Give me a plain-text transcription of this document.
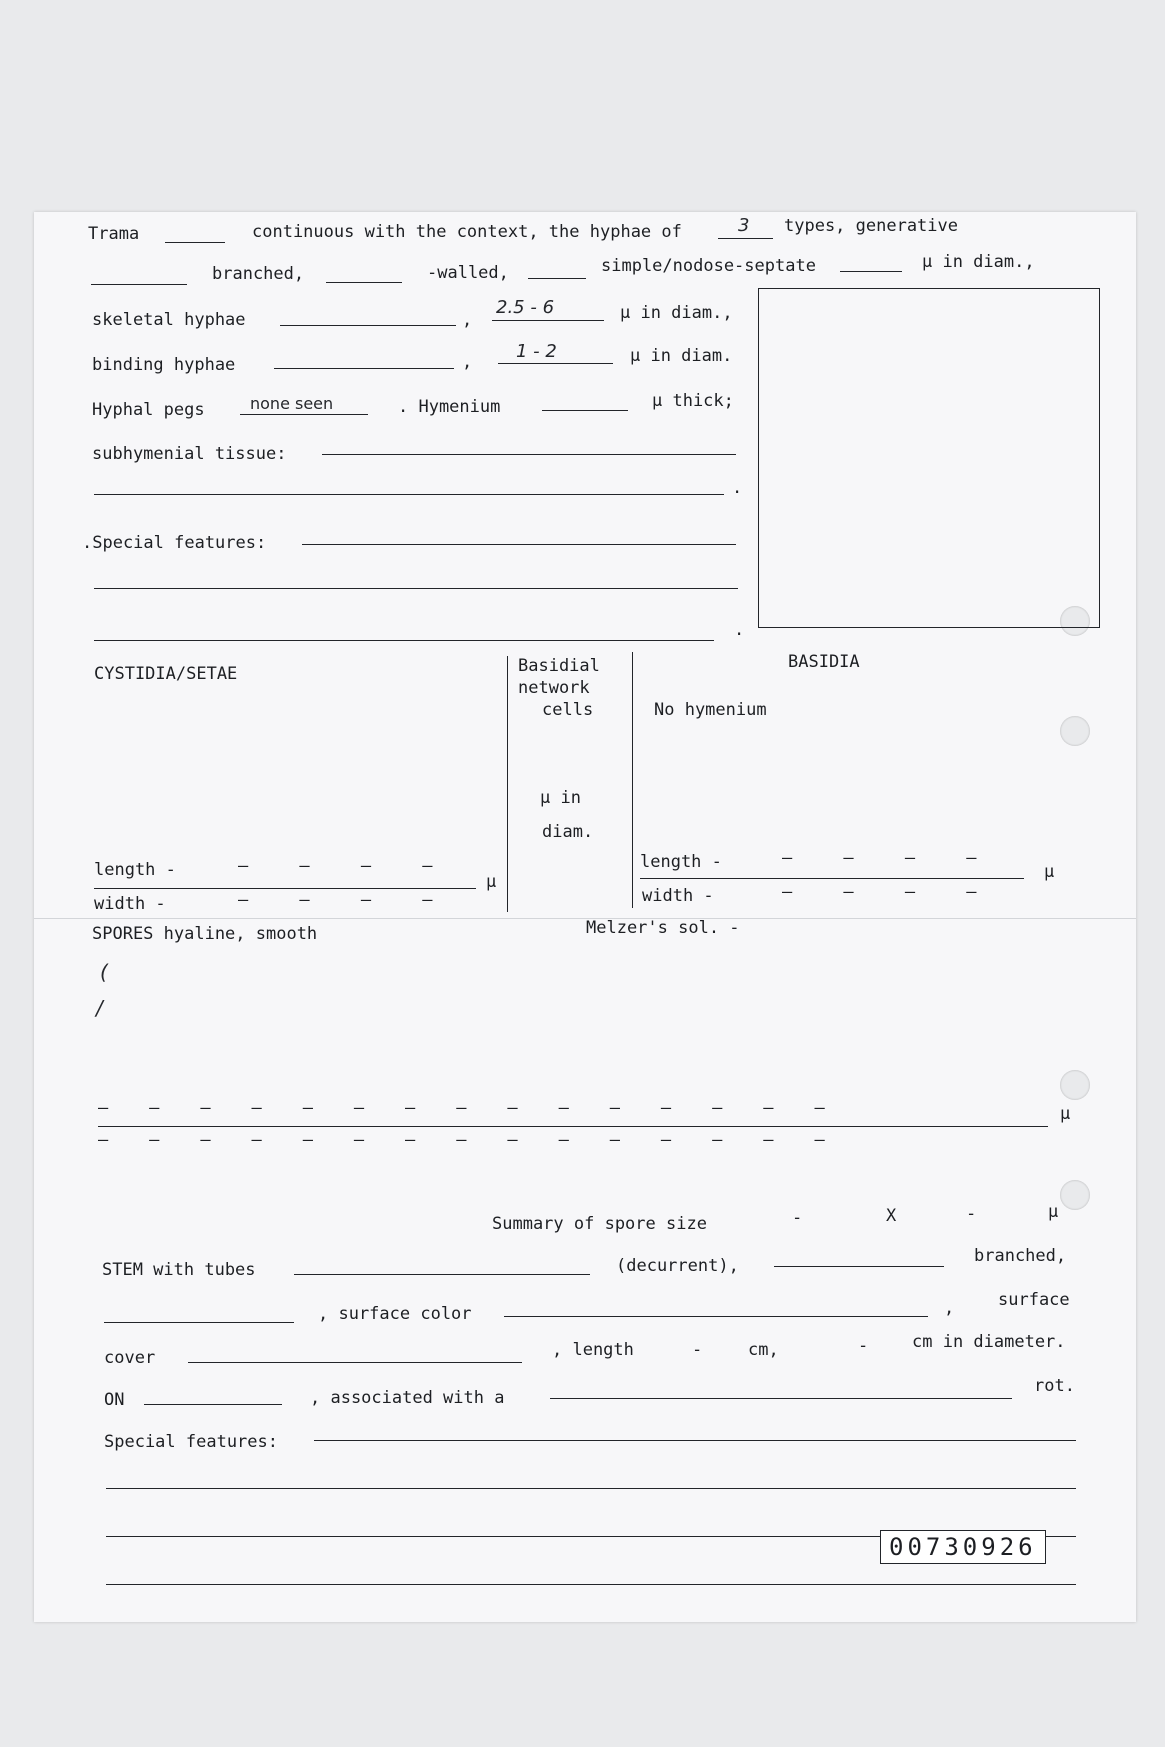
Trama	continuous with the context, the hyphae of	3 types, generative
branched,	-walled,	simple/nodose-septate	µ in diam.,
skeletal hyphae	,
2.5 - 6	µ in diam.,
binding hyphae	, 1 - 2	µ in diam.
Hyphal pegs	none seen	. Hymenium	µ thick;
subhymenial tissue:
.
.Special features:
.
CYSTIDIA/SETAE	Basidial
network
cells
µ in
diam.
BASIDIA
No hymenium
length -	–     –     –     –
µ
width -	–     –     –     –
length -	–     –     –     –
µ
width -	–     –     –     –
SPORES hyaline, smooth	Melzer's sol. -
(
/
–    –    –    –    –    –    –    –    –    –    –    –    –    –    –	µ
–    –    –    –    –    –    –    –    –    –    –    –    –    –    –
Summary of spore size	-	X	-	µ
STEM with tubes	(decurrent),	branched,
, surface color	,	surface
cover	, length	-	cm,	-	cm in diameter.
ON	, associated with a
rot.
Special features:
00730926
